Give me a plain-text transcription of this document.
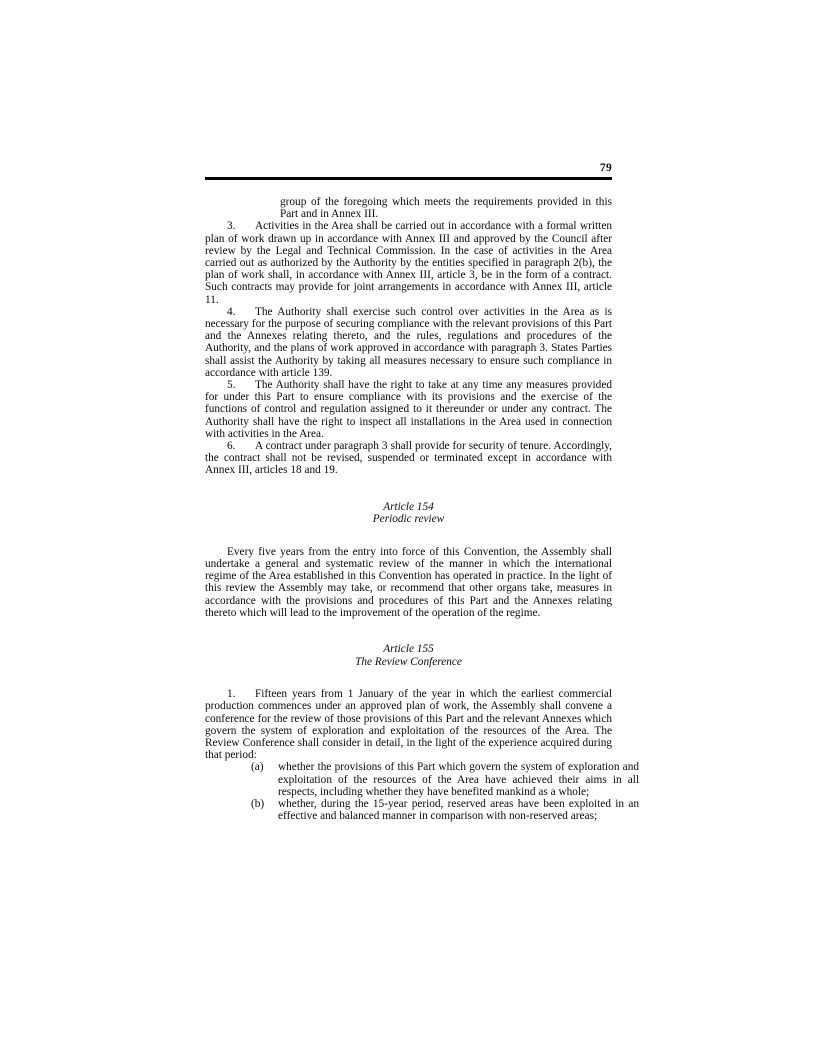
79

group of the foregoing which meets the requirements provided in this Part and in Annex III.

3. Activities in the Area shall be carried out in accordance with a formal written plan of work drawn up in accordance with Annex III and approved by the Council after review by the Legal and Technical Commission. In the case of activities in the Area carried out as authorized by the Authority by the entities specified in paragraph 2(b), the plan of work shall, in accordance with Annex III, article 3, be in the form of a contract. Such contracts may provide for joint arrangements in accordance with Annex III, article 11.

4. The Authority shall exercise such control over activities in the Area as is necessary for the purpose of securing compliance with the relevant provisions of this Part and the Annexes relating thereto, and the rules, regulations and procedures of the Authority, and the plans of work approved in accordance with paragraph 3. States Parties shall assist the Authority by taking all measures necessary to ensure such compliance in accordance with article 139.

5. The Authority shall have the right to take at any time any measures provided for under this Part to ensure compliance with its provisions and the exercise of the functions of control and regulation assigned to it thereunder or under any contract. The Authority shall have the right to inspect all installations in the Area used in connection with activities in the Area.

6. A contract under paragraph 3 shall provide for security of tenure. Accordingly, the contract shall not be revised, suspended or terminated except in accordance with Annex III, articles 18 and 19.

Article 154
Periodic review

Every five years from the entry into force of this Convention, the Assembly shall undertake a general and systematic review of the manner in which the international regime of the Area established in this Convention has operated in practice. In the light of this review the Assembly may take, or recommend that other organs take, measures in accordance with the provisions and procedures of this Part and the Annexes relating thereto which will lead to the improvement of the operation of the regime.

Article 155
The Review Conference

1. Fifteen years from 1 January of the year in which the earliest commercial production commences under an approved plan of work, the Assembly shall convene a conference for the review of those provisions of this Part and the relevant Annexes which govern the system of exploration and exploitation of the resources of the Area. The Review Conference shall consider in detail, in the light of the experience acquired during that period:

(a)	whether the provisions of this Part which govern the system of exploration and exploitation of the resources of the Area have achieved their aims in all respects, including whether they have benefited mankind as a whole;

(b)	whether, during the 15-year period, reserved areas have been exploited in an effective and balanced manner in comparison with non-reserved areas;
